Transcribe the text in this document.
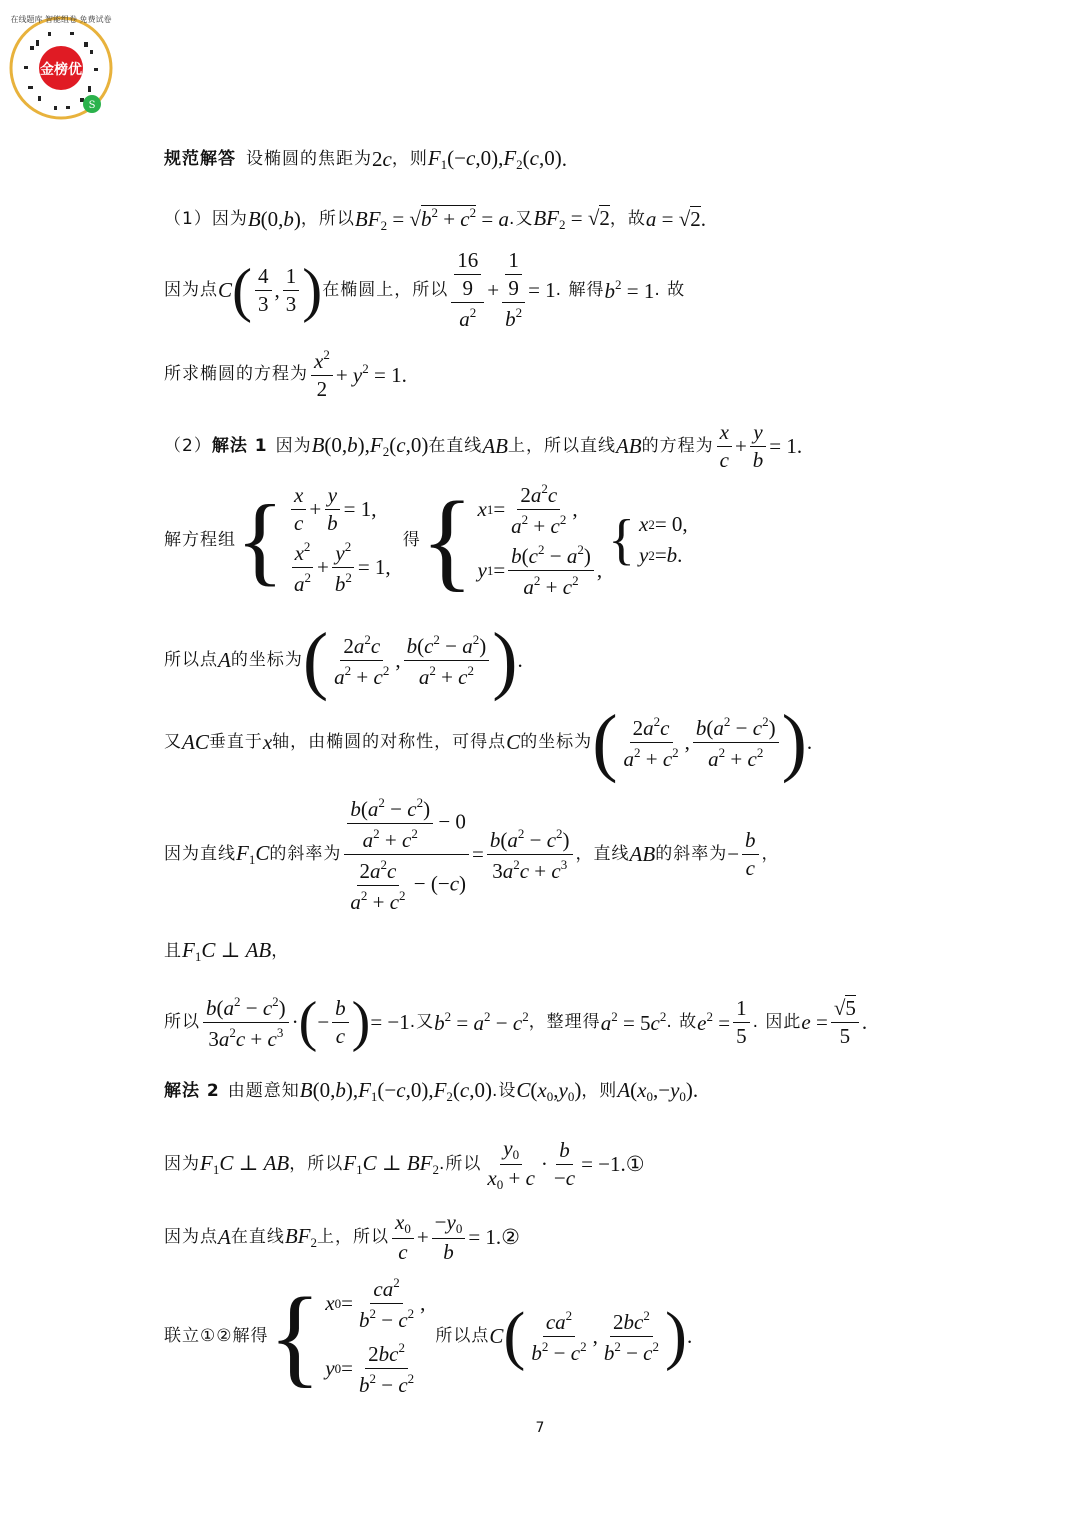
金榜优
S
在线题库 智能组卷 免费试卷
规范解答 设椭圆的焦距为 2c ，则 $F_1(-c,0),F_2(c,0)$ .
（1）因为 B(0,b) ，所以 $BF_2 = √b^2 + c^2 = a$ .又 $BF_2 = √2$ ，故 a = √2 .
因为点 C ( $\frac{4}{3}$ , $\frac{1}{3}$ ) 在椭圆上，所以 $\frac{\frac{16}{9}}{a^2} + \frac{\frac{1}{9}}{b^2} = 1$ . 解得 $b^2 = 1$ . 故
所求椭圆的方程为 $\frac{x^2}{2} + y^2 = 1$.
（2） 解法 1 因为 $B(0,b),F_2(c,0)$ 在直线 AB 上，所以直线 AB 的方程为 $\frac{x}{c} + \frac{y}{b} = 1$.
解方程组 { $\frac{x}{c} + \frac{y}{b} = 1$,
$\frac{x^2}{a^2} + \frac{y^2}{b^2} = 1$,
得 { x $1 = \frac{2a^2c}{a^2 + c^2}$ ,
y $1 = \frac{b(c^2 - a^2)}{a^2 + c^2}$ , { x 2 = 0,
y 2 = b .
所以点 A 的坐标为 ( $\frac{2a^2c}{a^2 + c^2}$ , $\frac{b(c^2 - a^2)}{a^2 + c^2}$ ) .
又 AC 垂直于 x 轴，由椭圆的对称性，可得点 C 的坐标为 ( $\frac{2a^2c}{a^2 + c^2}$ , $\frac{b(a^2 - c^2)}{a^2 + c^2}$ ) .
因为直线 $F_1C$ 的斜率为 $\frac{\frac{b(a^2 - c^2)}{a^2 + c^2} - 0}{\frac{2a^2c}{a^2 + c^2} - (-c)} = \frac{b(a^2 - c^2)}{3a^2c + c^3}$ ，直线 AB 的斜率为 − $\frac{b}{c}$ ，
且 $F_1C$ ⊥ AB ，
所以 $\frac{b(a^2 - c^2)}{3a^2c + c^3}$ · ( − $\frac{b}{c}$ ) = −1 .又 $b^2 = a^2 - c^2$ ，整理得 $a^2 = 5c^2$ . 故 $e^2 = \frac{1}{5}$ . 因此 $e = \frac{√5}{5}$ .
解法 2 由题意知 $B(0,b),F_1(-c,0),F_2(c,0)$ .设 $C(x_0,y_0)$ ，则 $A(x_0,-y_0)$.
因为 $F_1C$ ⊥ AB ，所以 $F_1C$ ⊥ $BF_2$ .所以 $\frac{y_0}{x_0 + c} \cdot \frac{b}{-c} = -1$ .①
因为点 A 在直线 $BF_2$ 上，所以 $\frac{x_0}{c} + \frac{-y_0}{b} = 1$ .②
联立①②解得 { x $0 = \frac{ca^2}{b^2 - c^2}$ ,
y $0 = \frac{2bc^2}{b^2 - c^2}$
所以点 C ( $\frac{ca^2}{b^2 - c^2}$ , $\frac{2bc^2}{b^2 - c^2}$ ) .
7
